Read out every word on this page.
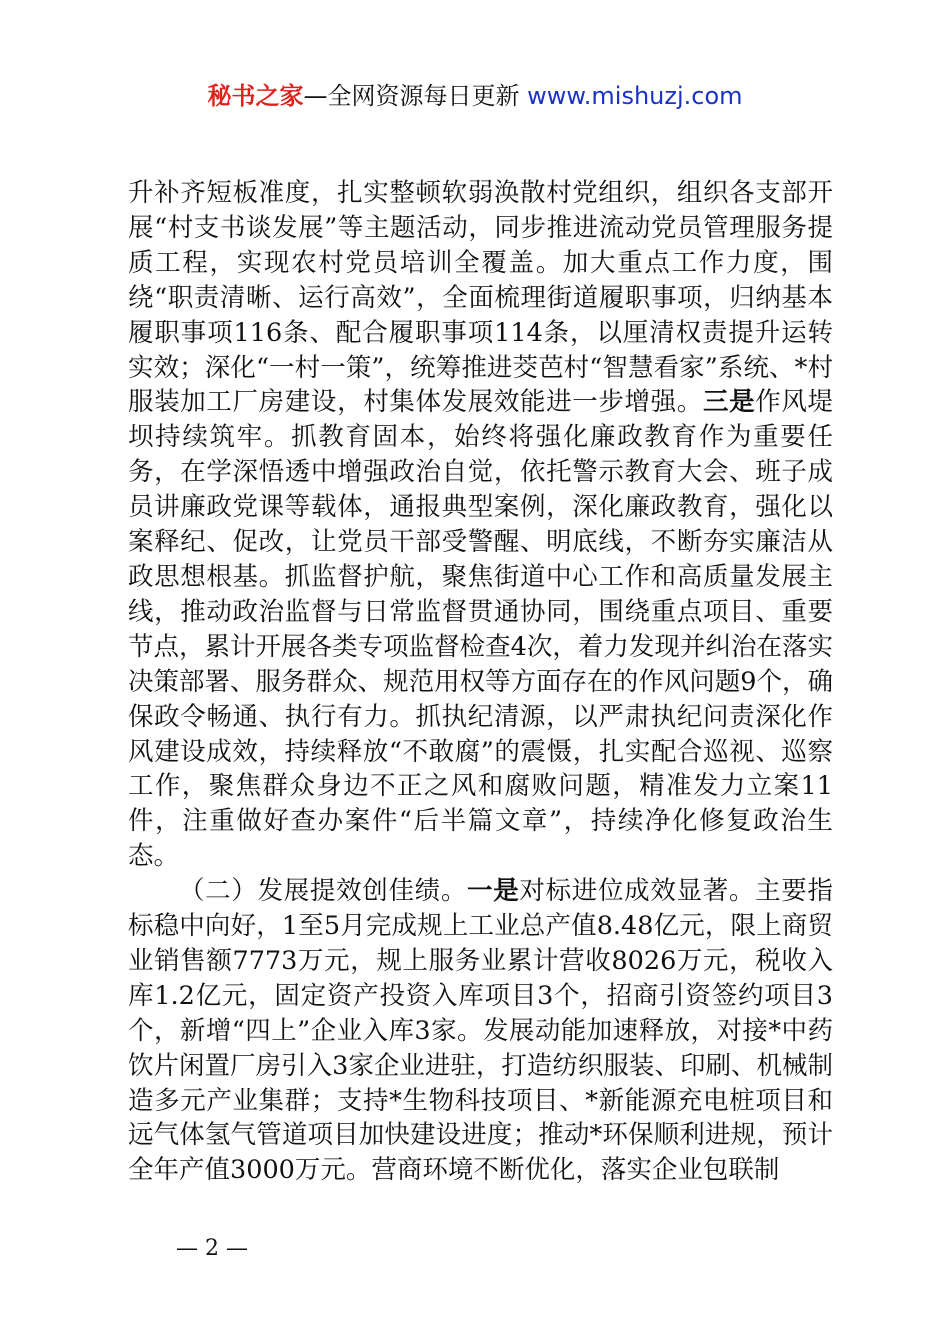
秘书之家—全网资源每日更新 www.mishuzj.com

升补齐短板准度，扎实整顿软弱涣散村党组织，组织各支部开展“村支书谈发展”等主题活动，同步推进流动党员管理服务提质工程，实现农村党员培训全覆盖。加大重点工作力度，围绕“职责清晰、运行高效”，全面梳理街道履职事项，归纳基本履职事项116条、配合履职事项114条，以厘清权责提升运转实效；深化“一村一策”，统筹推进茭芭村“智慧看家”系统、*村服装加工厂房建设，村集体发展效能进一步增强。三是作风堤坝持续筑牢。抓教育固本，始终将强化廉政教育作为重要任务，在学深悟透中增强政治自觉，依托警示教育大会、班子成员讲廉政党课等载体，通报典型案例，深化廉政教育，强化以案释纪、促改，让党员干部受警醒、明底线，不断夯实廉洁从政思想根基。抓监督护航，聚焦街道中心工作和高质量发展主线，推动政治监督与日常监督贯通协同，围绕重点项目、重要节点，累计开展各类专项监督检查4次，着力发现并纠治在落实决策部署、服务群众、规范用权等方面存在的作风问题9个，确保政令畅通、执行有力。抓执纪清源，以严肃执纪问责深化作风建设成效，持续释放“不敢腐”的震慑，扎实配合巡视、巡察工作，聚焦群众身边不正之风和腐败问题，精准发力立案11件，注重做好查办案件“后半篇文章”，持续净化修复政治生态。

（二）发展提效创佳绩。一是对标进位成效显著。主要指标稳中向好，1至5月完成规上工业总产值8.48亿元，限上商贸业销售额7773万元，规上服务业累计营收8026万元，税收入库1.2亿元，固定资产投资入库项目3个，招商引资签约项目3个，新增“四上”企业入库3家。发展动能加速释放，对接*中药饮片闲置厂房引入3家企业进驻，打造纺织服装、印刷、机械制造多元产业集群；支持*生物科技项目、*新能源充电桩项目和远气体氢气管道项目加快建设进度；推动*环保顺利进规，预计全年产值3000万元。营商环境不断优化，落实企业包联制

— 2 —
